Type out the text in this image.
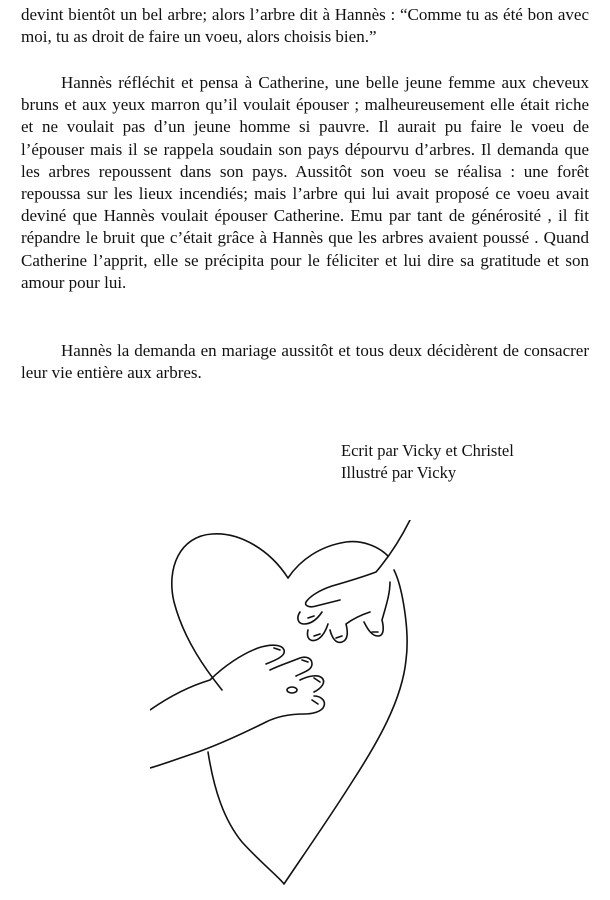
devint bientôt un bel arbre; alors l’arbre dit à Hannès : “Comme tu as été bon avec moi, tu as droit de faire un voeu, alors choisis bien.”

Hannès réfléchit et pensa à Catherine, une belle jeune femme aux cheveux bruns et aux yeux marron qu’il voulait épouser ; malheureusement elle était riche et ne voulait pas d’un jeune homme si pauvre. Il aurait pu faire le voeu de l’épouser mais il se rappela soudain son pays dépourvu d’arbres. Il demanda que les arbres repoussent dans son pays. Aussitôt son voeu se réalisa : une forêt repoussa sur les lieux incendiés; mais l’arbre qui lui avait proposé ce voeu avait deviné que Hannès voulait épouser Catherine. Emu par tant de générosité , il fit répandre le bruit que c’était grâce à Hannès que les arbres avaient poussé . Quand Catherine l’apprit, elle se précipita pour le féliciter et lui dire sa gratitude et son amour pour lui.

Hannès la demanda en mariage aussitôt et tous deux décidèrent de consacrer leur vie entière aux arbres.

Ecrit par Vicky et Christel
Illustré par Vicky
